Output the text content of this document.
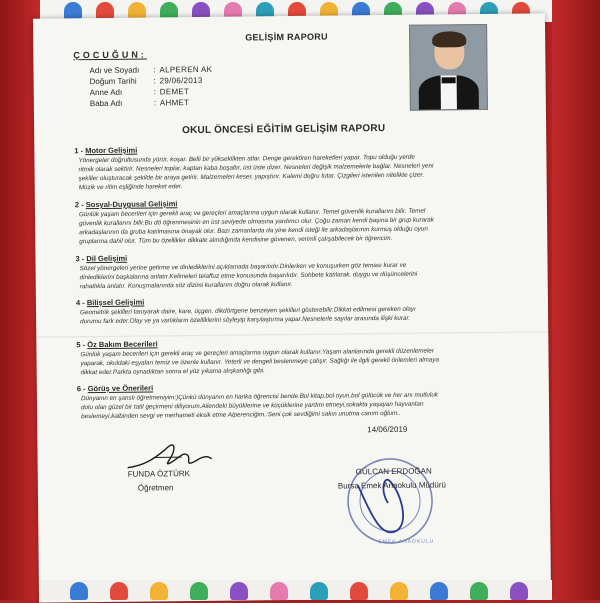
GELİŞİM RAPORU
ÇOCUĞUN:
Adı ve Soyadı : ALPEREN AK
Doğum Tarihi : 29/06/2013
Anne Adı	: DEMET
Baba Adı	: AHMET
OKUL ÖNCESİ EĞİTİM GELİŞİM RAPORU
1 - Motor Gelişimi
Yönergeler doğrultusunda yürür, koşar. Belli bir yükseklikten atlar. Denge gerektiren hareketleri yapar. Topu olduğu yerde
ritmik olarak sektirir. Nesneleri toplar, kaptan kaba boşaltır, üst üste dizer. Nesneleri değişik malzemelerle bağlar. Nesneleri yeni
şekiller oluşturacak şekilde bir araya getirir. Malzemeleri keser, yapıştırır. Kalemi doğru tutar. Çizgileri istenilen nitelikte çizer.
Müzik ve ritim eşliğinde hareket eder.
2 - Sosyal-Duygusal Gelişimi
Günlük yaşam becerileri için gerekli araç ve gereçleri amaçlarına uygun olarak kullanır. Temel güvenlik kurallarını bilir. Temel
güvenlik kurallarını bilir.Bu dö öğrenmesinin en üst seviyede olmasına yardımcı olur. Çoğu zaman kendi başına bir grup kurarak
arkadaşlarının da gruba katılmasına önayak olur. Bazı zamanlarda da yine kendi isteği ile arkadaşlarının kurmuş olduğu oyun
gruplarına dahil olur. Tüm bu özellikler dikkate alındığında kendisine güvenen, verimli çalışabilecek bir öğrencim.
3 - Dil Gelişimi
Sözel yönergeleri yerine getirme ve dinlediklerini açıklamada başarılıdır.Dinlerken ve konuşurken göz teması kurar ve
dinlediklerini başkalarına anlatır.Kelimeleri telaffuz etme konusunda başarılıdır. Sohbete katılarak, duygu ve düşüncelerini
rahatlıkla anlatır. Konuşmalarında söz dizimi kurallarını doğru olarak kullanır.
4 - Bilişsel Gelişimi
Geometrik şekilleri tanıyarak daire, kare, üçgen, dikdörtgene benzeyen şekilleri gösterebilir.Dikkat edilmesi gereken olayı
durumu fark eder.Olay ve ya varlıkların özelliklerini söyleyip karşılaştırma yapar.Nesnelerle sayılar arasında ilişki kurar.
5 - Öz Bakım Becerileri
Günlük yaşam becerileri için gerekli araç ve gereçleri amaçlarına uygun olarak kullanır.Yaşam alanlarında gerekli düzenlemeler
yaparak, okuldaki eşyaları temiz ve özenle kullanır. Yeterli ve dengeli beslenmeye çalışır. Sağlığı ile ilgili gerekli önlemleri almaya
dikkat eder.Parkta oynadıktan sonra el yüz yıkama alışkanlığı gibi.
6 - Görüş ve Önerileri
Dünyanın en şanslı öğretmeniyim:)Çünkü dünyanın en harika öğrencisi bende.Bol kitap,bol oyun,bol gülücük ve her anı mutluluk
dolu olan güzel bir tatil geçirmeni diliyorum.Ailendeki büyüklerine ve küçüklerine yardım etmeyi,sokakta yaşayan hayvanları
beslemeyi,kalbinden sevgi ve merhameti eksik etme Alperenciğim..Seni çok sevdiğimi sakın unutma canım oğlum..
14/06/2019
FUNDA ÖZTÜRK
Öğretmen
EMEK ANAOKULU
GÜLCAN ERDOĞAN
Bursa Emek Anaokulu Müdürü
